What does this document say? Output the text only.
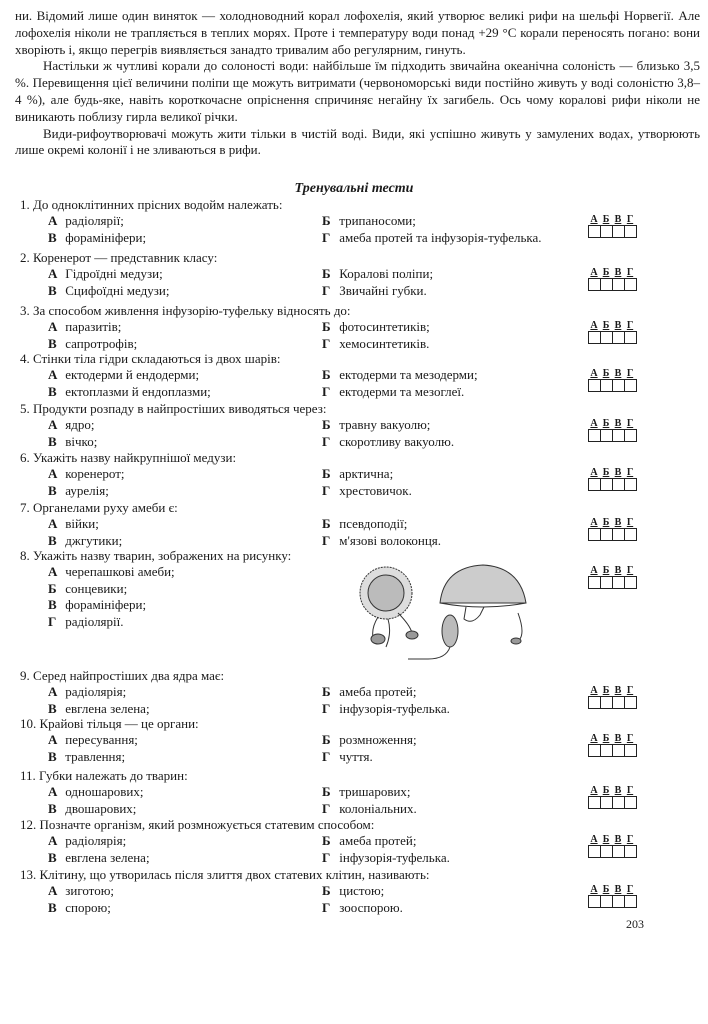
ни. Відомий лише один виняток — холодноводний корал лофохелія, який утворює великі рифи на шельфі Норвегії. Але лофохелія ніколи не трапляється в теплих морях. Проте і температуру води понад +29 °С корали переносять погано: вони хворіють і, якщо перегрів виявляється занадто тривалим або регулярним, гинуть.

Настільки ж чутливі корали до солоності води: найбільше їм підходить звичайна океанічна солоність — близько 3,5 %. Перевищення цієї величини поліпи ще можуть витримати (червономорські види постійно живуть у воді солоністю 3,8–4 %), але будь-яке, навіть короткочасне опріснення спричиняє негайну їх загибель. Ось чому коралові рифи ніколи не виникають поблизу гирла великої річки.

Види-рифоутворювачі можуть жити тільки в чистій воді. Види, які успішно живуть у замулених водах, утворюють лише окремі колонії і не зливаються в рифи.

Тренувальні тести
1. До одноклітинних прісних водойм належать:
А радіолярії;	Б трипаносоми;
В форамініфери;	Г амеба протей та інфузорія-туфелька.
А Б В Г
2. Коренерот — представник класу:
А Гідроїдні медузи;	Б Коралові поліпи;
В Сцифоїдні медузи;	Г Звичайні губки.
А Б В Г
3. За способом живлення інфузорію-туфельку відносять до:
А паразитів;	Б фотосинтетиків;
В сапротрофів;	Г хемосинтетиків.
А Б В Г
4. Стінки тіла гідри складаються із двох шарів:
А ектодерми й ендодерми;	Б ектодерми та мезодерми;
В ектоплазми й ендоплазми;	Г ектодерми та мезоглеї.
А Б В Г
5. Продукти розпаду в найпростіших виводяться через:
А ядро;	Б травну вакуолю;
В вічко;	Г скоротливу вакуолю.
А Б В Г
6. Укажіть назву найкрупнішої медузи:
А коренерот;	Б арктична;
В аурелія;	Г хрестовичок.
А Б В Г
7. Органелами руху амеби є:
А війки;	Б псевдоподії;
В джгутики;	Г м'язові волоконця.
А Б В Г
8. Укажіть назву тварин, зображених на рисунку:
А черепашкові амеби;
Б сонцевики;
В форамініфери;
Г радіолярії.
А Б В Г
9. Серед найпростіших два ядра має:
А радіолярія;	Б амеба протей;
В евглена зелена;	Г інфузорія-туфелька.
А Б В Г
10. Крайові тільця — це органи:
А пересування;	Б розмноження;
В травлення;	Г чуття.
А Б В Г
11. Губки належать до тварин:
А одношарових;	Б тришарових;
В двошарових;	Г колоніальних.
А Б В Г
12. Позначте організм, який розмножується статевим способом:
А радіолярія;	Б амеба протей;
В евглена зелена;	Г інфузорія-туфелька.
А Б В Г
13. Клітину, що утворилась після злиття двох статевих клітин, називають:
А зиготою;	Б цистою;
В спорою;	Г зооспорою.
А Б В Г
203
